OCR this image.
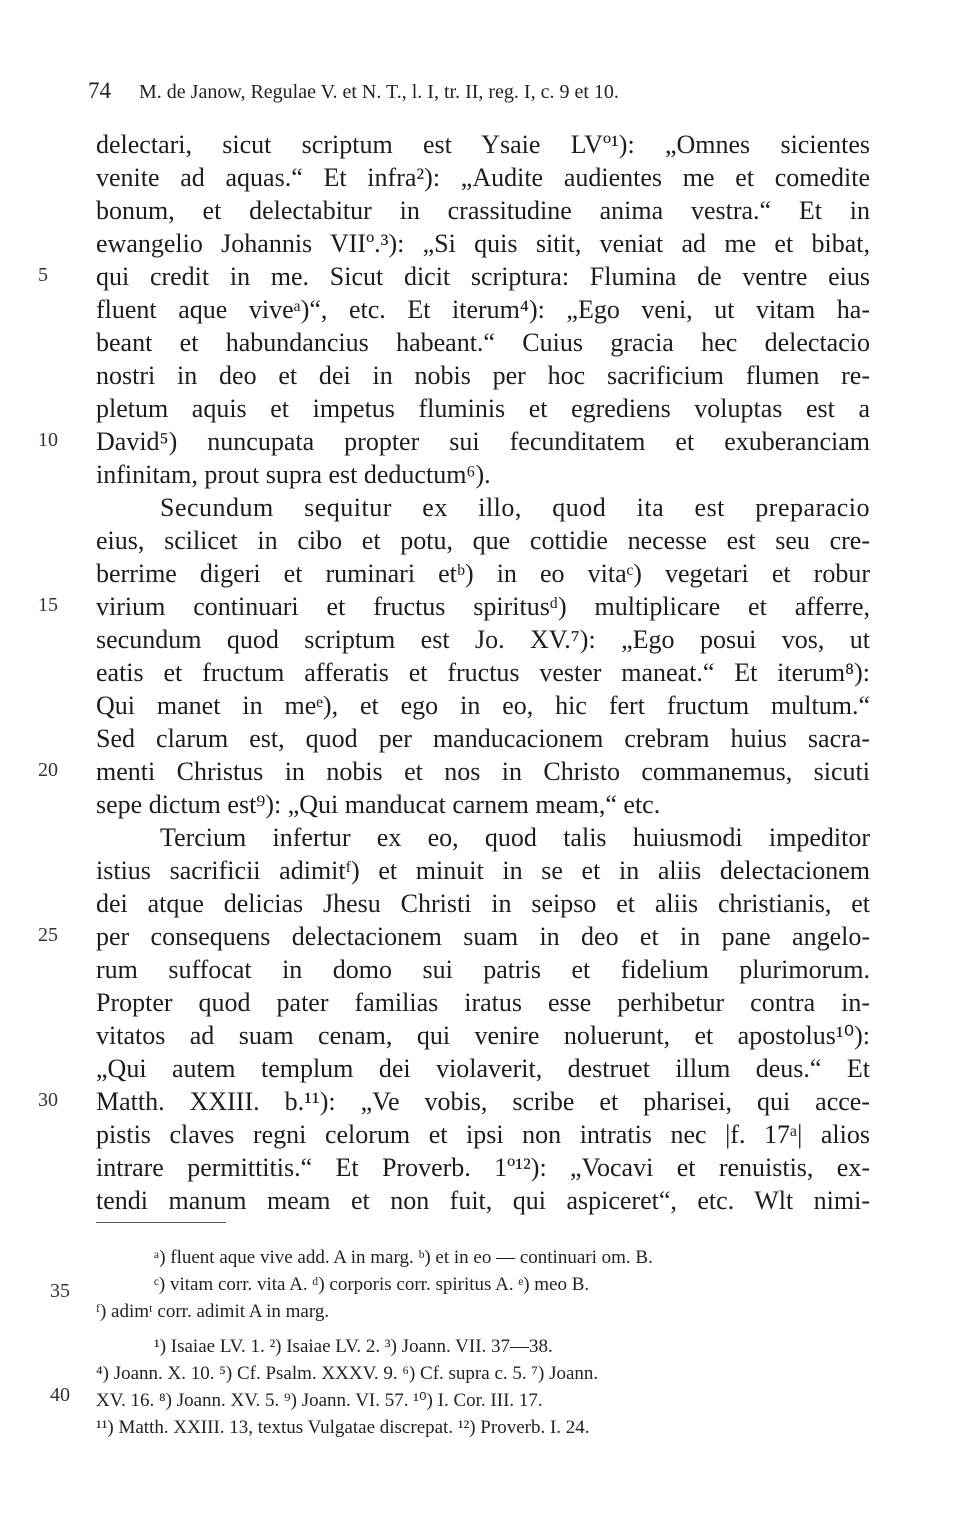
74 M. de Janow, Regulae V. et N. T., l. I, tr. II, reg. I, c. 9 et 10.
5
10
15
20
25
30
35
40
delectari, sicut scriptum est Ysaie LVº¹): „Omnes sicientes
venite ad aquas.“ Et infra²): „Audite audientes me et comedite
bonum, et delectabitur in crassitudine anima vestra.“ Et in
ewangelio Johannis VIIº.³): „Si quis sitit, veniat ad me et bibat,
qui credit in me. Sicut dicit scriptura: Flumina de ventre eius
fluent aque viveᵃ)“, etc. Et iterum⁴): „Ego veni, ut vitam ha-
beant et habundancius habeant.“ Cuius gracia hec delectacio
nostri in deo et dei in nobis per hoc sacrificium flumen re-
pletum aquis et impetus fluminis et egrediens voluptas est a
David⁵) nuncupata propter sui fecunditatem et exuberanciam
infinitam, prout supra est deductum⁶).
Secundum sequitur ex illo, quod ita est preparacio
eius, scilicet in cibo et potu, que cottidie necesse est seu cre-
berrime digeri et ruminari etᵇ) in eo vitaᶜ) vegetari et robur
virium continuari et fructus spiritusᵈ) multiplicare et afferre,
secundum quod scriptum est Jo. XV.⁷): „Ego posui vos, ut
eatis et fructum afferatis et fructus vester maneat.“ Et iterum⁸):
Qui manet in meᵉ), et ego in eo, hic fert fructum multum.“
Sed clarum est, quod per manducacionem crebram huius sacra-
menti Christus in nobis et nos in Christo commanemus, sicuti
sepe dictum est⁹): „Qui manducat carnem meam,“ etc.
Tercium infertur ex eo, quod talis huiusmodi impeditor
istius sacrificii adimitᶠ) et minuit in se et in aliis delectacionem
dei atque delicias Jhesu Christi in seipso et aliis christianis, et
per consequens delectacionem suam in deo et in pane angelo-
rum suffocat in domo sui patris et fidelium plurimorum.
Propter quod pater familias iratus esse perhibetur contra in-
vitatos ad suam cenam, qui venire noluerunt, et apostolus¹⁰):
„Qui autem templum dei violaverit, destruet illum deus.“ Et
Matth. XXIII. b.¹¹): „Ve vobis, scribe et pharisei, qui acce-
pistis claves regni celorum et ipsi non intratis nec |f. 17ᵃ| alios
intrare permittitis.“ Et Proverb. 1º¹²): „Vocavi et renuistis, ex-
tendi manum meam et non fuit, qui aspiceret“, etc. Wlt nimi-
ᵃ) fluent aque vive add. A in marg. ᵇ) et in eo — continuari om. B.
ᶜ) vitam corr. vita A. ᵈ) corporis corr. spiritus A. ᵉ) meo B.
ᶠ) adimᵗ corr. adimit A in marg.
¹) Isaiae LV. 1. ²) Isaiae LV. 2. ³) Joann. VII. 37—38.
⁴) Joann. X. 10. ⁵) Cf. Psalm. XXXV. 9. ⁶) Cf. supra c. 5. ⁷) Joann.
XV. 16. ⁸) Joann. XV. 5. ⁹) Joann. VI. 57. ¹⁰) I. Cor. III. 17.
¹¹) Matth. XXIII. 13, textus Vulgatae discrepat. ¹²) Proverb. I. 24.
